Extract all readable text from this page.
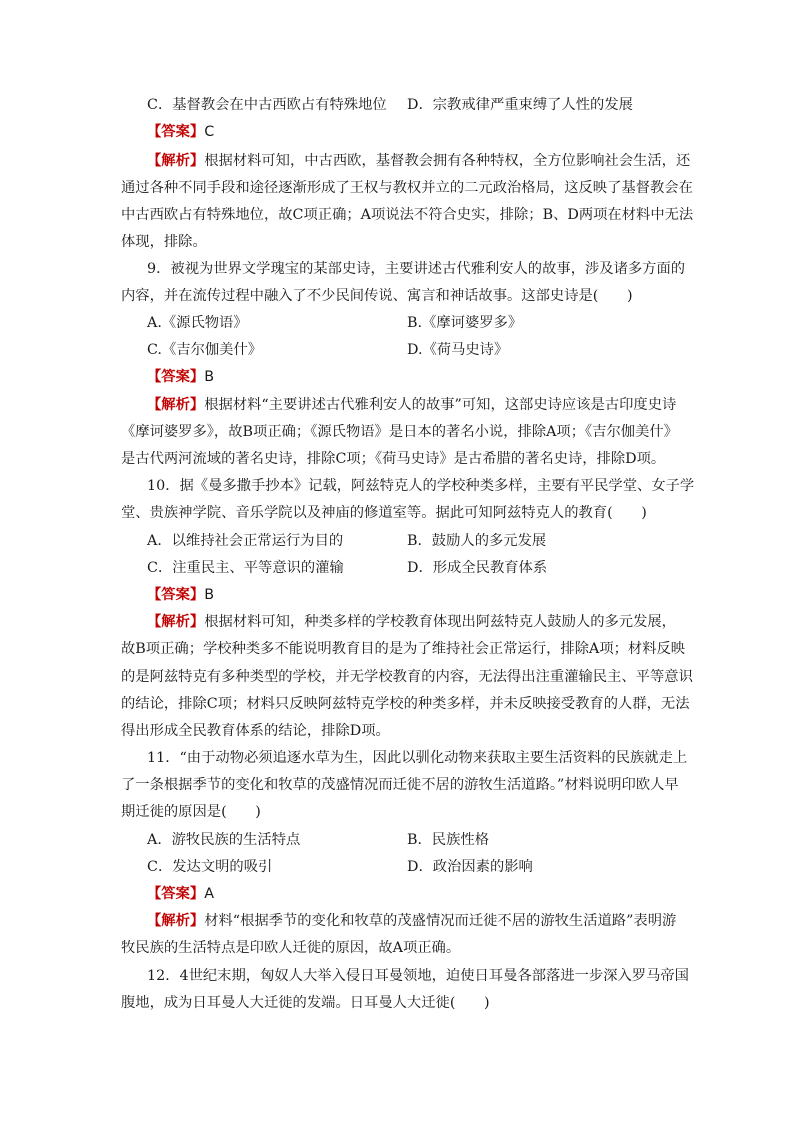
C．基督教会在中古西欧占有特殊地位 D．宗教戒律严重束缚了人性的发展
【答案】C
【解析】根据材料可知，中古西欧，基督教会拥有各种特权，全方位影响社会生活，还
通过各种不同手段和途径逐渐形成了王权与教权并立的二元政治格局，这反映了基督教会在
中古西欧占有特殊地位，故C项正确；A项说法不符合史实，排除；B、D两项在材料中无法
体现，排除。
9．被视为世界文学瑰宝的某部史诗，主要讲述古代雅利安人的故事，涉及诸多方面的
内容，并在流传过程中融入了不少民间传说、寓言和神话故事。这部史诗是(　　)
A.《源氏物语》	B.《摩诃婆罗多》
C.《吉尔伽美什》	D.《荷马史诗》
【答案】B
【解析】根据材料“主要讲述古代雅利安人的故事”可知，这部史诗应该是古印度史诗
《摩诃婆罗多》，故B项正确；《源氏物语》是日本的著名小说，排除A项；《吉尔伽美什》
是古代两河流域的著名史诗，排除C项；《荷马史诗》是古希腊的著名史诗，排除D项。
10．据《曼多撒手抄本》记载，阿兹特克人的学校种类多样，主要有平民学堂、女子学
堂、贵族神学院、音乐学院以及神庙的修道室等。据此可知阿兹特克人的教育(　　)
A．以维持社会正常运行为目的	B．鼓励人的多元发展
C．注重民主、平等意识的灌输	D．形成全民教育体系
【答案】B
【解析】根据材料可知，种类多样的学校教育体现出阿兹特克人鼓励人的多元发展，
故B项正确；学校种类多不能说明教育目的是为了维持社会正常运行，排除A项；材料反映
的是阿兹特克有多种类型的学校，并无学校教育的内容，无法得出注重灌输民主、平等意识
的结论，排除C项；材料只反映阿兹特克学校的种类多样，并未反映接受教育的人群，无法
得出形成全民教育体系的结论，排除D项。
11．“由于动物必须追逐水草为生，因此以驯化动物来获取主要生活资料的民族就走上
了一条根据季节的变化和牧草的茂盛情况而迁徙不居的游牧生活道路。”材料说明印欧人早
期迁徙的原因是(　　)
A．游牧民族的生活特点	B．民族性格
C．发达文明的吸引	D．政治因素的影响
【答案】A
【解析】材料“根据季节的变化和牧草的茂盛情况而迁徙不居的游牧生活道路”表明游
牧民族的生活特点是印欧人迁徙的原因，故A项正确。
12．4世纪末期，匈奴人大举入侵日耳曼领地，迫使日耳曼各部落进一步深入罗马帝国
腹地，成为日耳曼人大迁徙的发端。日耳曼人大迁徙(　　)
